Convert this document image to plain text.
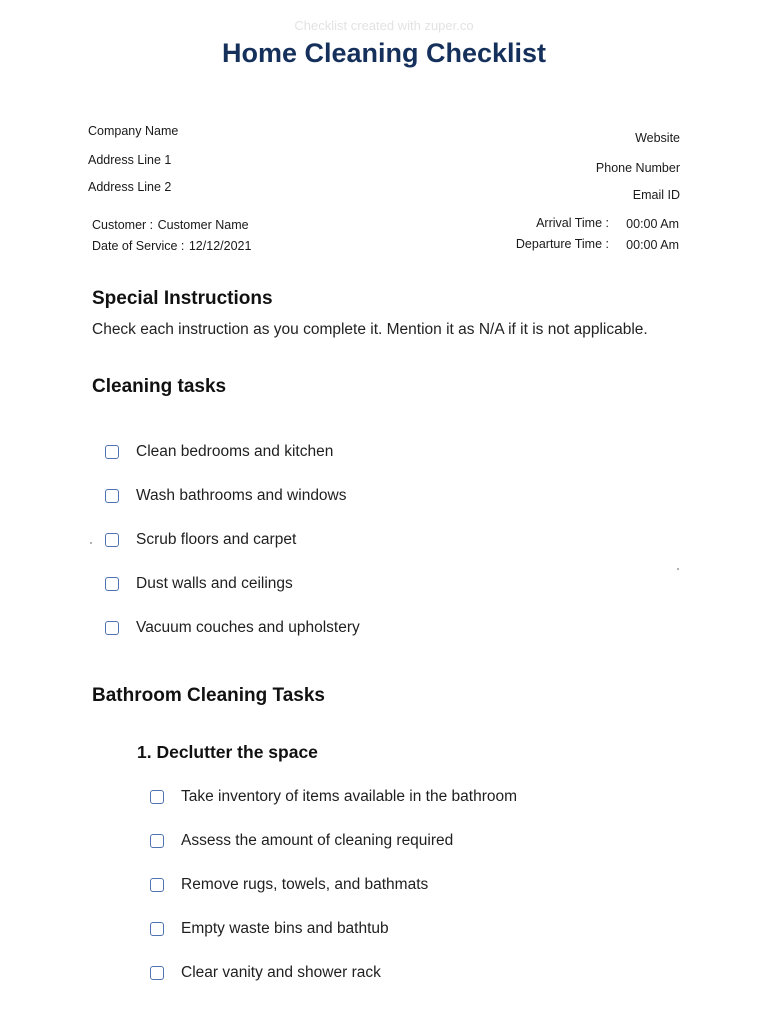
Checklist created with zuper.co
Home Cleaning Checklist
Company Name
Address Line 1
Address Line 2
Website
Phone Number
Email ID
Customer : Customer Name
Date of Service : 12/12/2021
Arrival Time : 00:00 Am
Departure Time : 00:00 Am
Special Instructions
Check each instruction as you complete it. Mention it as N/A if it is not applicable.
Cleaning tasks
Clean bedrooms and kitchen
Wash bathrooms and windows
Scrub floors and carpet
Dust walls and ceilings
Vacuum couches and upholstery
Bathroom Cleaning Tasks
1. Declutter the space
Take inventory of items available in the bathroom
Assess the amount of cleaning required
Remove rugs, towels, and bathmats
Empty waste bins and bathtub
Clear vanity and shower rack
